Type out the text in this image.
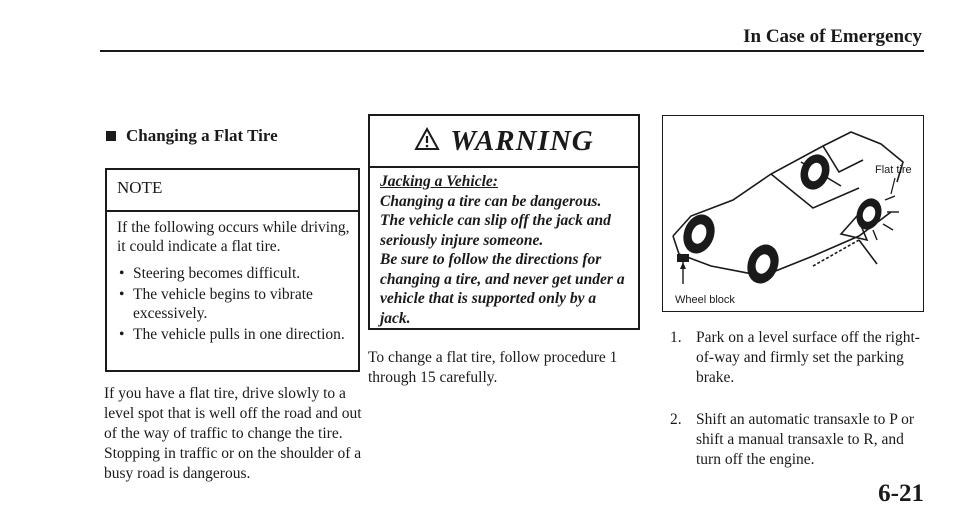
In Case of Emergency
Changing a Flat Tire
NOTE
If the following occurs while driving, it could indicate a flat tire.
• Steering becomes difficult.
• The vehicle begins to vibrate excessively.
• The vehicle pulls in one direction.
If you have a flat tire, drive slowly to a level spot that is well off the road and out of the way of traffic to change the tire. Stopping in traffic or on the shoulder of a busy road is dangerous.
WARNING
Jacking a Vehicle:
Changing a tire can be dangerous. The vehicle can slip off the jack and seriously injure someone.
Be sure to follow the directions for changing a tire, and never get under a vehicle that is supported only by a jack.
To change a flat tire, follow procedure 1 through 15 carefully.
Flat tire
Wheel block
1. Park on a level surface off the right-of-way and firmly set the parking brake.
2. Shift an automatic transaxle to P or shift a manual transaxle to R, and turn off the engine.
6-21
